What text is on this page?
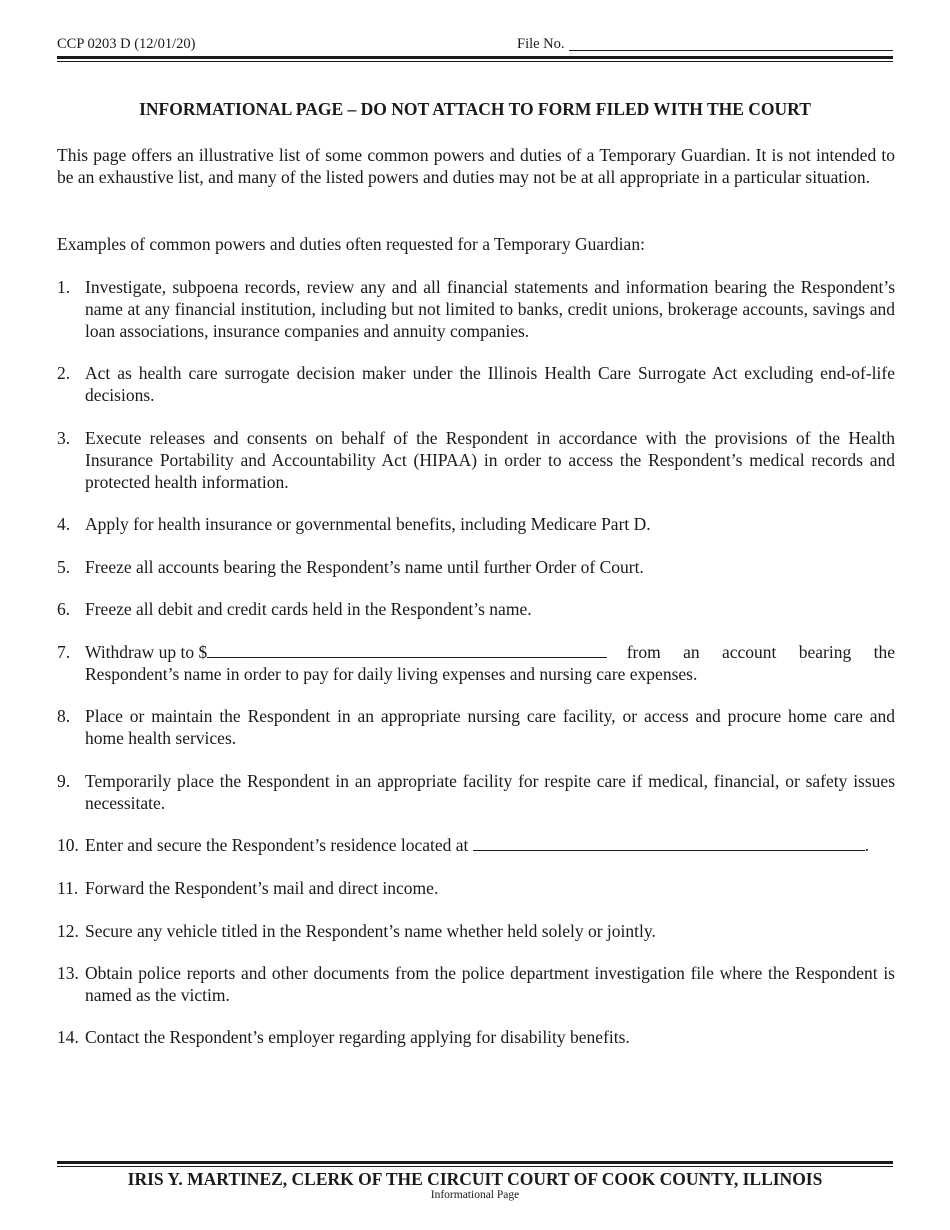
CCP 0203 D (12/01/20)	File No.
INFORMATIONAL PAGE – DO NOT ATTACH TO FORM FILED WITH THE COURT
This page offers an illustrative list of some common powers and duties of a Temporary Guardian. It is not intended to be an exhaustive list, and many of the listed powers and duties may not be at all appropriate in a particular situation.
Examples of common powers and duties often requested for a Temporary Guardian:
1. Investigate, subpoena records, review any and all financial statements and information bearing the Respondent’s name at any financial institution, including but not limited to banks, credit unions, brokerage accounts, savings and loan associations, insurance companies and annuity companies.
2. Act as health care surrogate decision maker under the Illinois Health Care Surrogate Act excluding end-of-life decisions.
3. Execute releases and consents on behalf of the Respondent in accordance with the provisions of the Health Insurance Portability and Accountability Act (HIPAA) in order to access the Respondent’s medical records and protected health information.
4. Apply for health insurance or governmental benefits, including Medicare Part D.
5. Freeze all accounts bearing the Respondent’s name until further Order of Court.
6. Freeze all debit and credit cards held in the Respondent’s name.
7. Withdraw up to $	from an account bearing the
Respondent’s name in order to pay for daily living expenses and nursing care expenses.
8. Place or maintain the Respondent in an appropriate nursing care facility, or access and procure home care and home health services.
9. Temporarily place the Respondent in an appropriate facility for respite care if medical, financial, or safety issues necessitate.
10. Enter and secure the Respondent’s residence located at	.
11. Forward the Respondent’s mail and direct income.
12. Secure any vehicle titled in the Respondent’s name whether held solely or jointly.
13. Obtain police reports and other documents from the police department investigation file where the Respondent is named as the victim.
14. Contact the Respondent’s employer regarding applying for disability benefits.
IRIS Y. MARTINEZ, CLERK OF THE CIRCUIT COURT OF COOK COUNTY, ILLINOIS
Informational Page
